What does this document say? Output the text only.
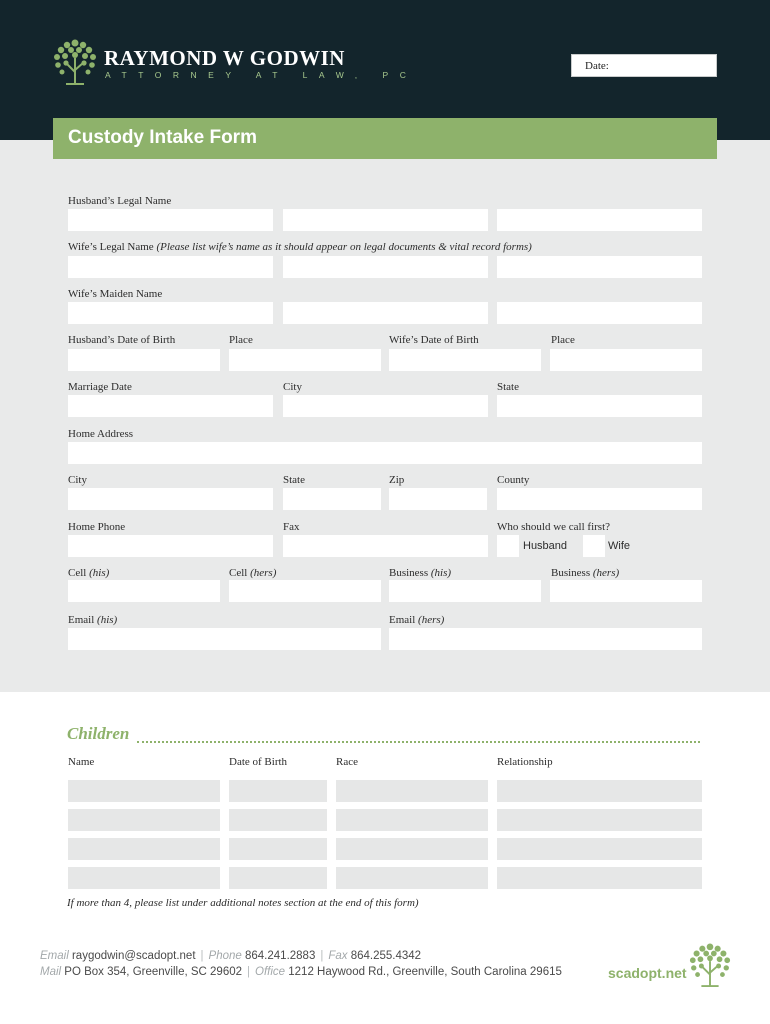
RAYMOND W GODWIN
ATTORNEY AT LAW, PC
Date:
Custody Intake Form
Husband’s Legal Name
Wife’s Legal Name (Please list wife’s name as it should appear on legal documents & vital record forms)
Wife’s Maiden Name
Husband’s Date of Birth	Place	Wife’s Date of Birth	Place
Marriage Date	City	State
Home Address
City	State	Zip	County
Home Phone	Fax	Who should we call first?
Husband	Wife
Cell (his)	Cell (hers)	Business (his)	Business (hers)
Email (his)	Email (hers)
Children
Name	Date of Birth	Race	Relationship
If more than 4, please list under additional notes section at the end of this form)
Email raygodwin@scadopt.net | Phone 864.241.2883 | Fax 864.255.4342
Mail PO Box 354, Greenville, SC 29602 | Office 1212 Haywood Rd., Greenville, South Carolina 29615	scadopt.net
